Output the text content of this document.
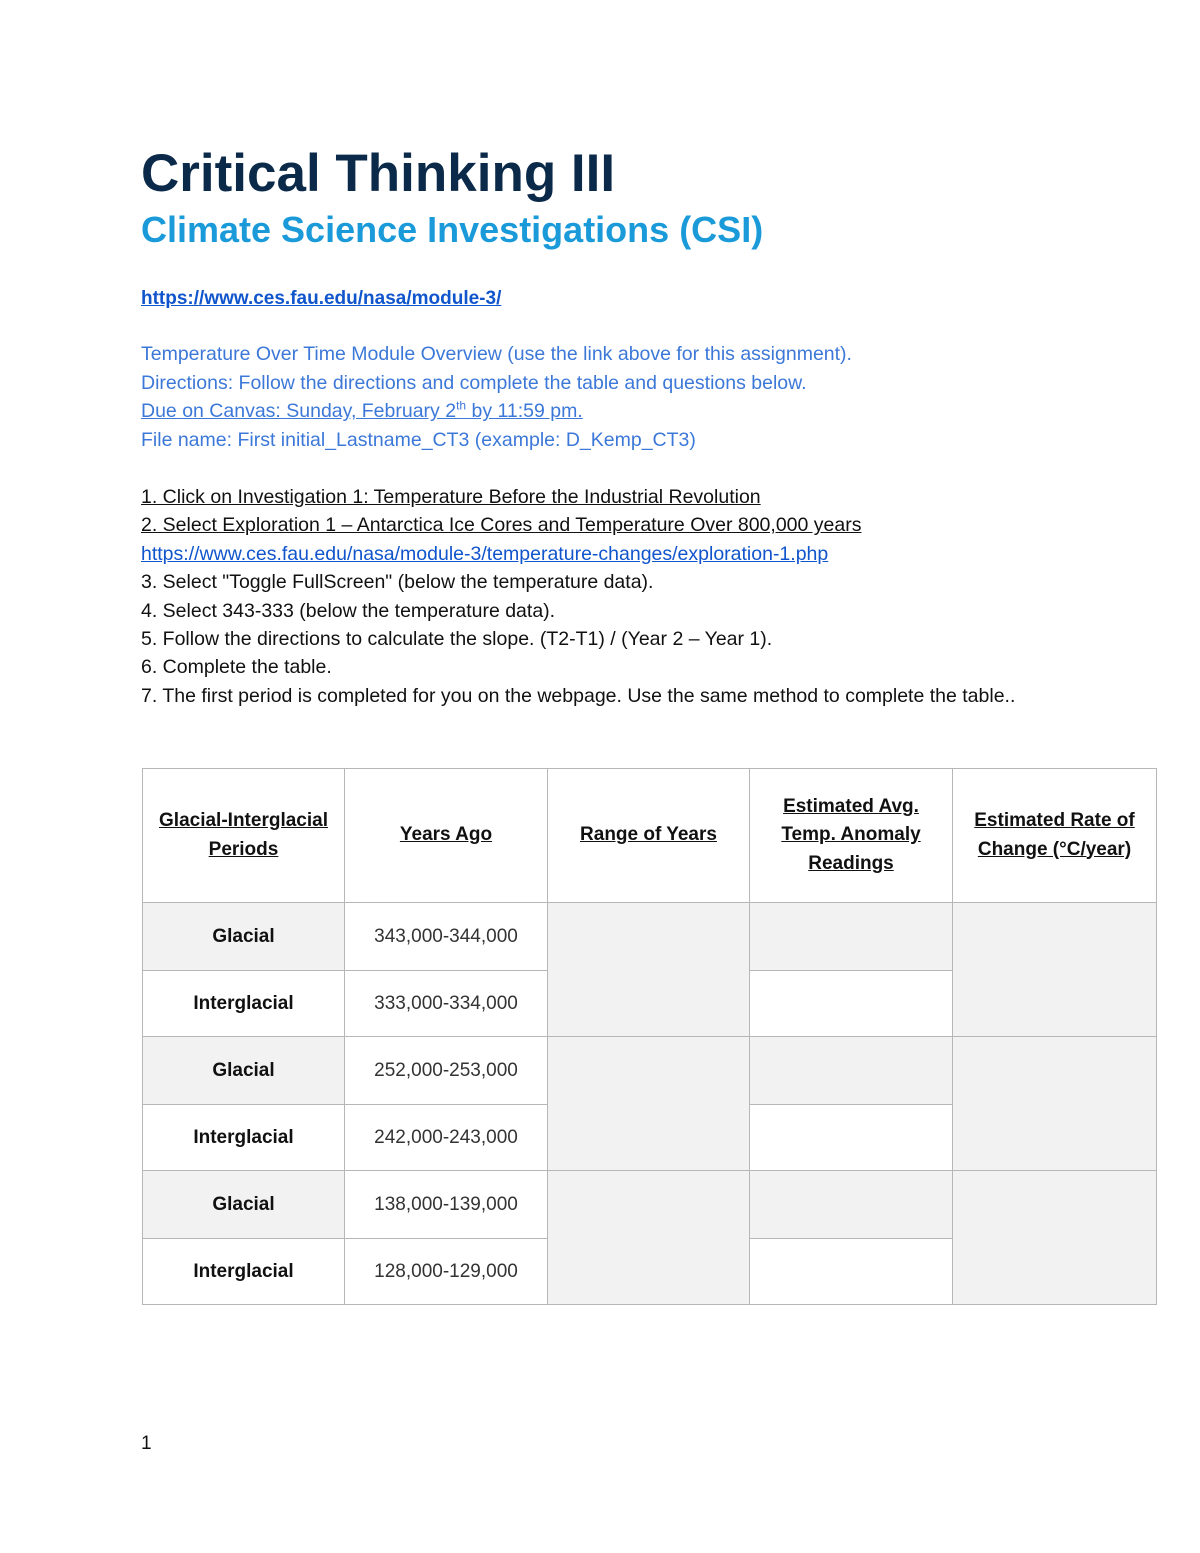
Critical Thinking III
Climate Science Investigations (CSI)
https://www.ces.fau.edu/nasa/module-3/
Temperature Over Time Module Overview (use the link above for this assignment).
Directions: Follow the directions and complete the table and questions below.
Due on Canvas: Sunday, February 2th by 11:59 pm.
File name: First initial_Lastname_CT3 (example: D_Kemp_CT3)
1. Click on Investigation 1: Temperature Before the Industrial Revolution
2. Select Exploration 1 – Antarctica Ice Cores and Temperature Over 800,000 years
https://www.ces.fau.edu/nasa/module-3/temperature-changes/exploration-1.php
3. Select "Toggle FullScreen" (below the temperature data).
4. Select 343-333 (below the temperature data).
5. Follow the directions to calculate the slope. (T2-T1) / (Year 2 – Year 1).
6. Complete the table.
7. The first period is completed for you on the webpage. Use the same method to complete the table..
Glacial-Interglacial Periods	Years Ago	Range of Years	Estimated Avg. Temp. Anomaly Readings	Estimated Rate of Change (°C/year)
Glacial	343,000-344,000			
Interglacial	333,000-334,000			
Glacial	252,000-253,000			
Interglacial	242,000-243,000			
Glacial	138,000-139,000			
Interglacial	128,000-129,000			
1
